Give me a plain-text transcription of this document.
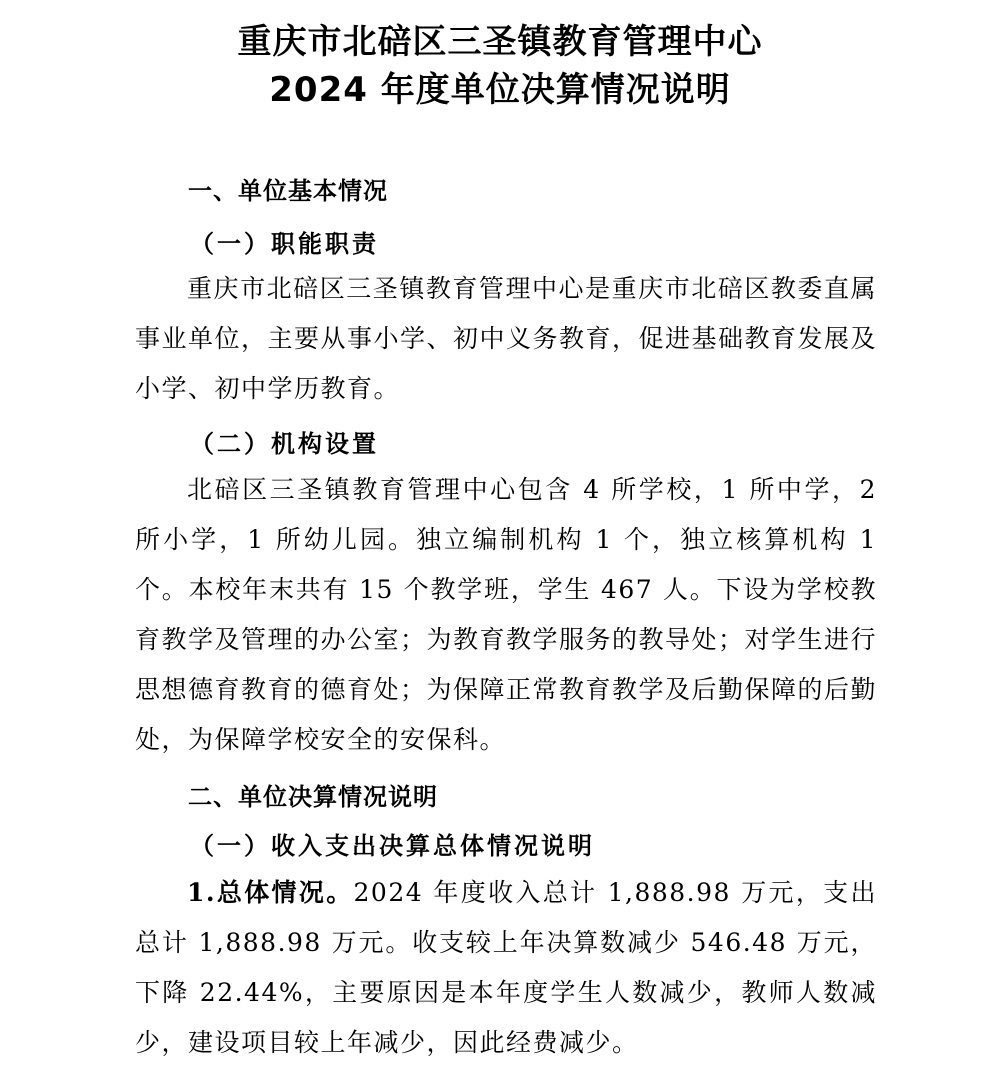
重庆市北碚区三圣镇教育管理中心
2024 年度单位决算情况说明
一、单位基本情况
（一）职能职责

重庆市北碚区三圣镇教育管理中心是重庆市北碚区教委直属事业单位，主要从事小学、初中义务教育，促进基础教育发展及小学、初中学历教育。

（二）机构设置

北碚区三圣镇教育管理中心包含 4 所学校，1 所中学，2 所小学，1 所幼儿园。独立编制机构 1 个，独立核算机构 1 个。本校年末共有 15 个教学班，学生 467 人。下设为学校教育教学及管理的办公室；为教育教学服务的教导处；对学生进行思想德育教育的德育处；为保障正常教育教学及后勤保障的后勤处，为保障学校安全的安保科。

二、单位决算情况说明
（一）收入支出决算总体情况说明

1.总体情况。2024 年度收入总计 1,888.98 万元，支出总计 1,888.98 万元。收支较上年决算数减少 546.48 万元，下降 22.44%，主要原因是本年度学生人数减少，教师人数减少，建设项目较上年减少，因此经费减少。
